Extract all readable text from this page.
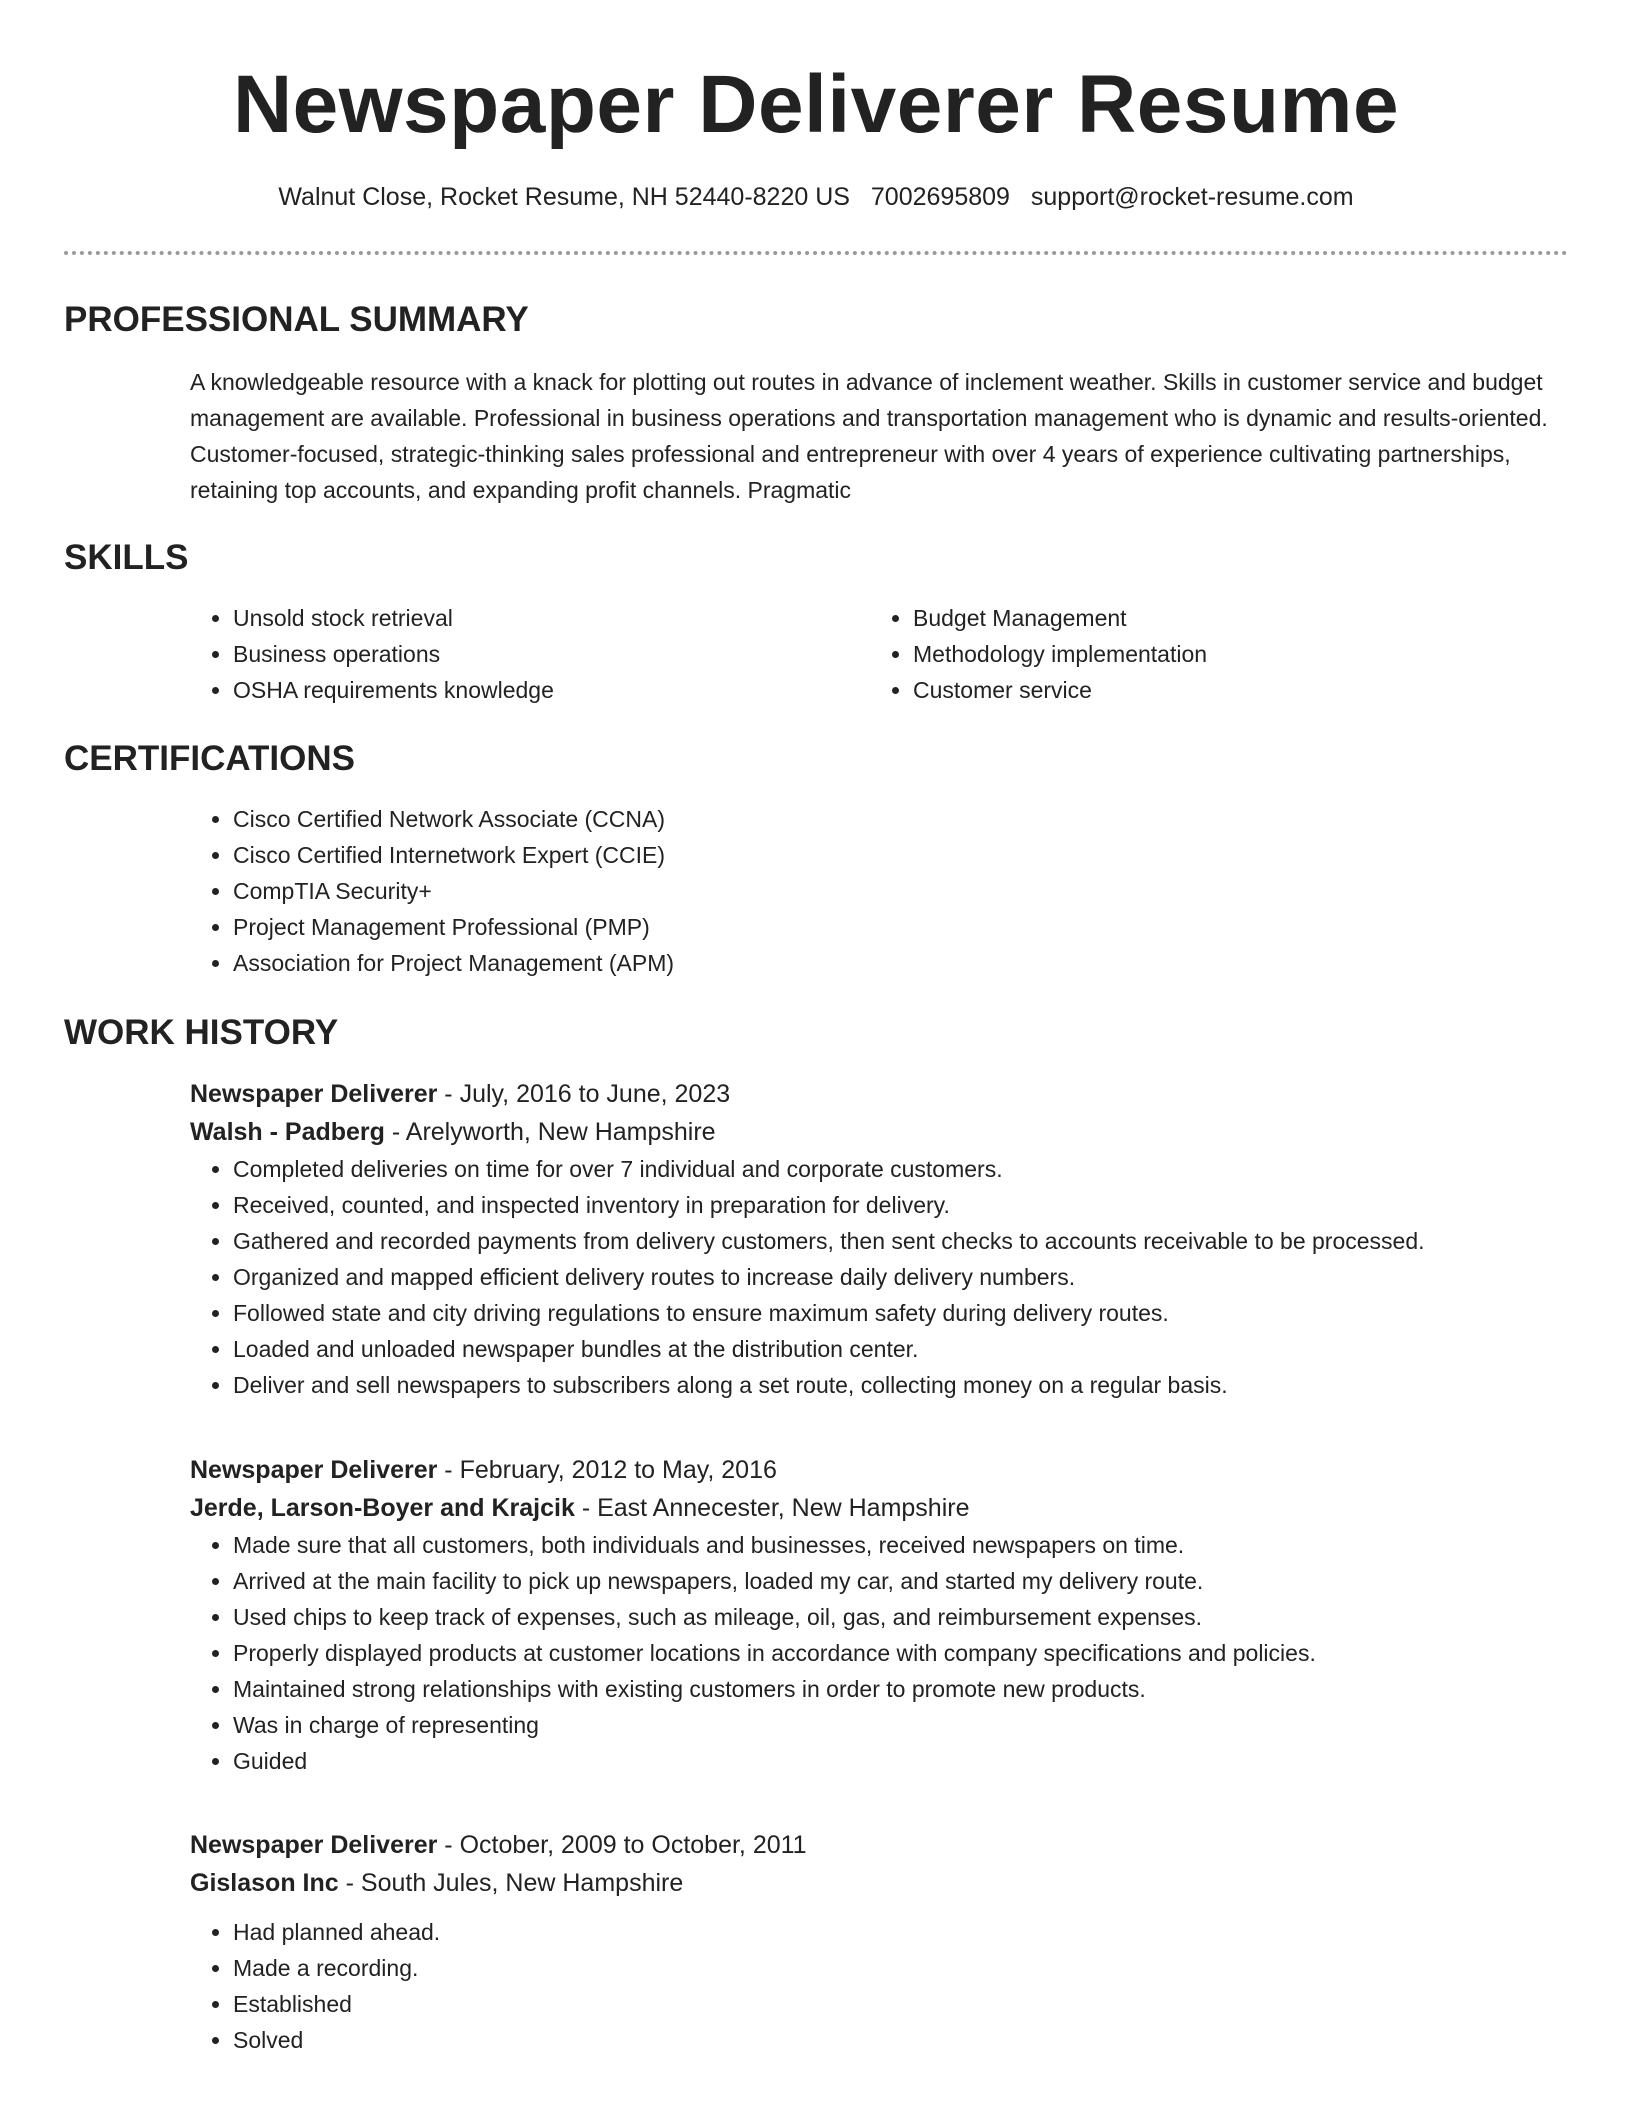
Newspaper Deliverer Resume
Walnut Close, Rocket Resume, NH 52440-8220 US 7002695809 support@rocket-resume.com
PROFESSIONAL SUMMARY

A knowledgeable resource with a knack for plotting out routes in advance of inclement weather. Skills in customer service and budget management are available. Professional in business operations and transportation management who is dynamic and results-oriented. Customer-focused, strategic-thinking sales professional and entrepreneur with over 4 years of experience cultivating partnerships, retaining top accounts, and expanding profit channels. Pragmatic

SKILLS
• Unsold stock retrieval
• Business operations
• OSHA requirements knowledge
• Budget Management
• Methodology implementation
• Customer service
CERTIFICATIONS
• Cisco Certified Network Associate (CCNA)
• Cisco Certified Internetwork Expert (CCIE)
• CompTIA Security+
• Project Management Professional (PMP)
• Association for Project Management (APM)
WORK HISTORY

Newspaper Deliverer - July, 2016 to June, 2023

Walsh - Padberg - Arelyworth, New Hampshire

• Completed deliveries on time for over 7 individual and corporate customers.
• Received, counted, and inspected inventory in preparation for delivery.
• Gathered and recorded payments from delivery customers, then sent checks to accounts receivable to be processed.
• Organized and mapped efficient delivery routes to increase daily delivery numbers.
• Followed state and city driving regulations to ensure maximum safety during delivery routes.
• Loaded and unloaded newspaper bundles at the distribution center.
• Deliver and sell newspapers to subscribers along a set route, collecting money on a regular basis.

Newspaper Deliverer - February, 2012 to May, 2016

Jerde, Larson-Boyer and Krajcik - East Annecester, New Hampshire

• Made sure that all customers, both individuals and businesses, received newspapers on time.
• Arrived at the main facility to pick up newspapers, loaded my car, and started my delivery route.
• Used chips to keep track of expenses, such as mileage, oil, gas, and reimbursement expenses.
• Properly displayed products at customer locations in accordance with company specifications and policies.
• Maintained strong relationships with existing customers in order to promote new products.
• Was in charge of representing
• Guided

Newspaper Deliverer - October, 2009 to October, 2011

Gislason Inc - South Jules, New Hampshire

• Had planned ahead.
• Made a recording.
• Established
• Solved
